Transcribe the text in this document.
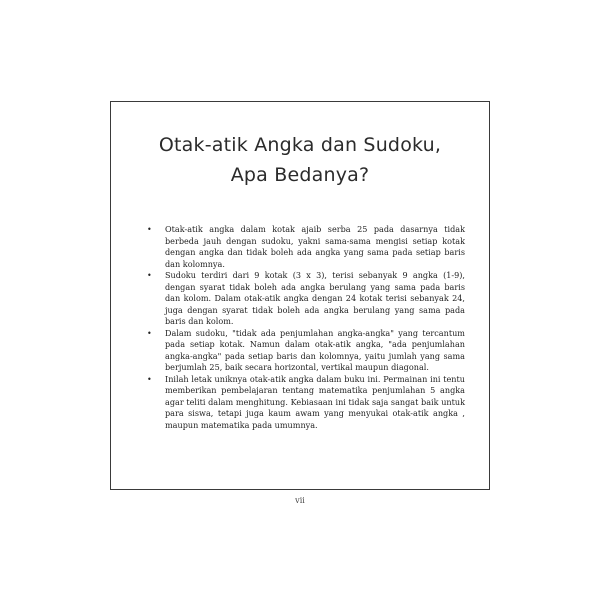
Otak-atik Angka dan Sudoku,
Apa Bedanya?
• Otak-atik angka dalam kotak ajaib serba 25 pada dasarnya tidak berbeda jauh dengan sudoku, yakni sama-sama mengisi setiap kotak dengan angka dan tidak boleh ada angka yang sama pada setiap baris dan kolomnya.
• Sudoku terdiri dari 9 kotak (3 x 3), terisi sebanyak 9 angka (1-9), dengan syarat tidak boleh ada angka berulang yang sama pada baris dan kolom. Dalam otak-atik angka dengan 24 kotak terisi sebanyak 24, juga dengan syarat tidak boleh ada angka berulang yang sama pada baris dan kolom.
• Dalam sudoku, "tidak ada penjumlahan angka-angka" yang tercantum pada setiap kotak. Namun dalam otak-atik angka, "ada penjumlahan angka-angka" pada setiap baris dan kolomnya, yaitu jumlah yang sama berjumlah 25, baik secara horizontal, vertikal maupun diagonal.
• Inilah letak uniknya otak-atik angka dalam buku ini. Permainan ini tentu memberikan pembelajaran tentang matematika penjumlahan 5 angka agar teliti dalam menghitung. Kebiasaan ini tidak saja sangat baik untuk para siswa, tetapi juga kaum awam yang menyukai otak-atik angka , maupun matematika pada umumnya.
vii
